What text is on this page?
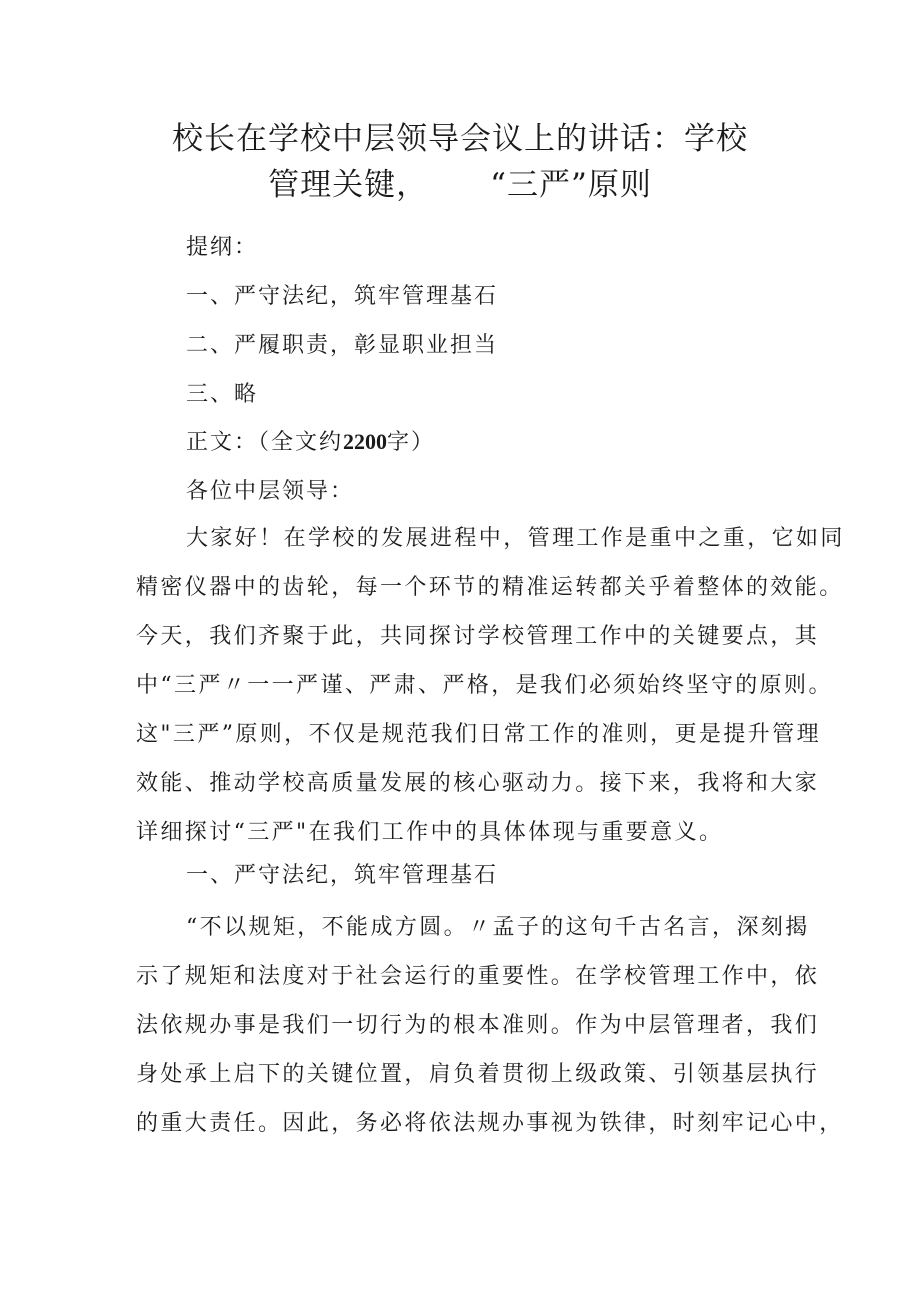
校长在学校中层领导会议上的讲话：学校
管理关键， “三严”原则

提纲：

一、严守法纪，筑牢管理基石

二、严履职责，彰显职业担当

三、略

正文：（全文约2200字）

各位中层领导：

大家好！在学校的发展进程中，管理工作是重中之重，它如同
精密仪器中的齿轮，每一个环节的精准运转都关乎着整体的效能。
今天，我们齐聚于此，共同探讨学校管理工作中的关键要点，其
中“三严〃一一严谨、严肃、严格，是我们必须始终坚守的原则。
这"三严”原则，不仅是规范我们日常工作的准则，更是提升管理
效能、推动学校高质量发展的核心驱动力。接下来，我将和大家
详细探讨“三严"在我们工作中的具体体现与重要意义。
一、严守法纪，筑牢管理基石
“不以规矩，不能成方圆。〃孟子的这句千古名言，深刻揭
示了规矩和法度对于社会运行的重要性。在学校管理工作中，依
法依规办事是我们一切行为的根本准则。作为中层管理者，我们
身处承上启下的关键位置，肩负着贯彻上级政策、引领基层执行
的重大责任。因此，务必将依法规办事视为铁律，时刻牢记心中，
